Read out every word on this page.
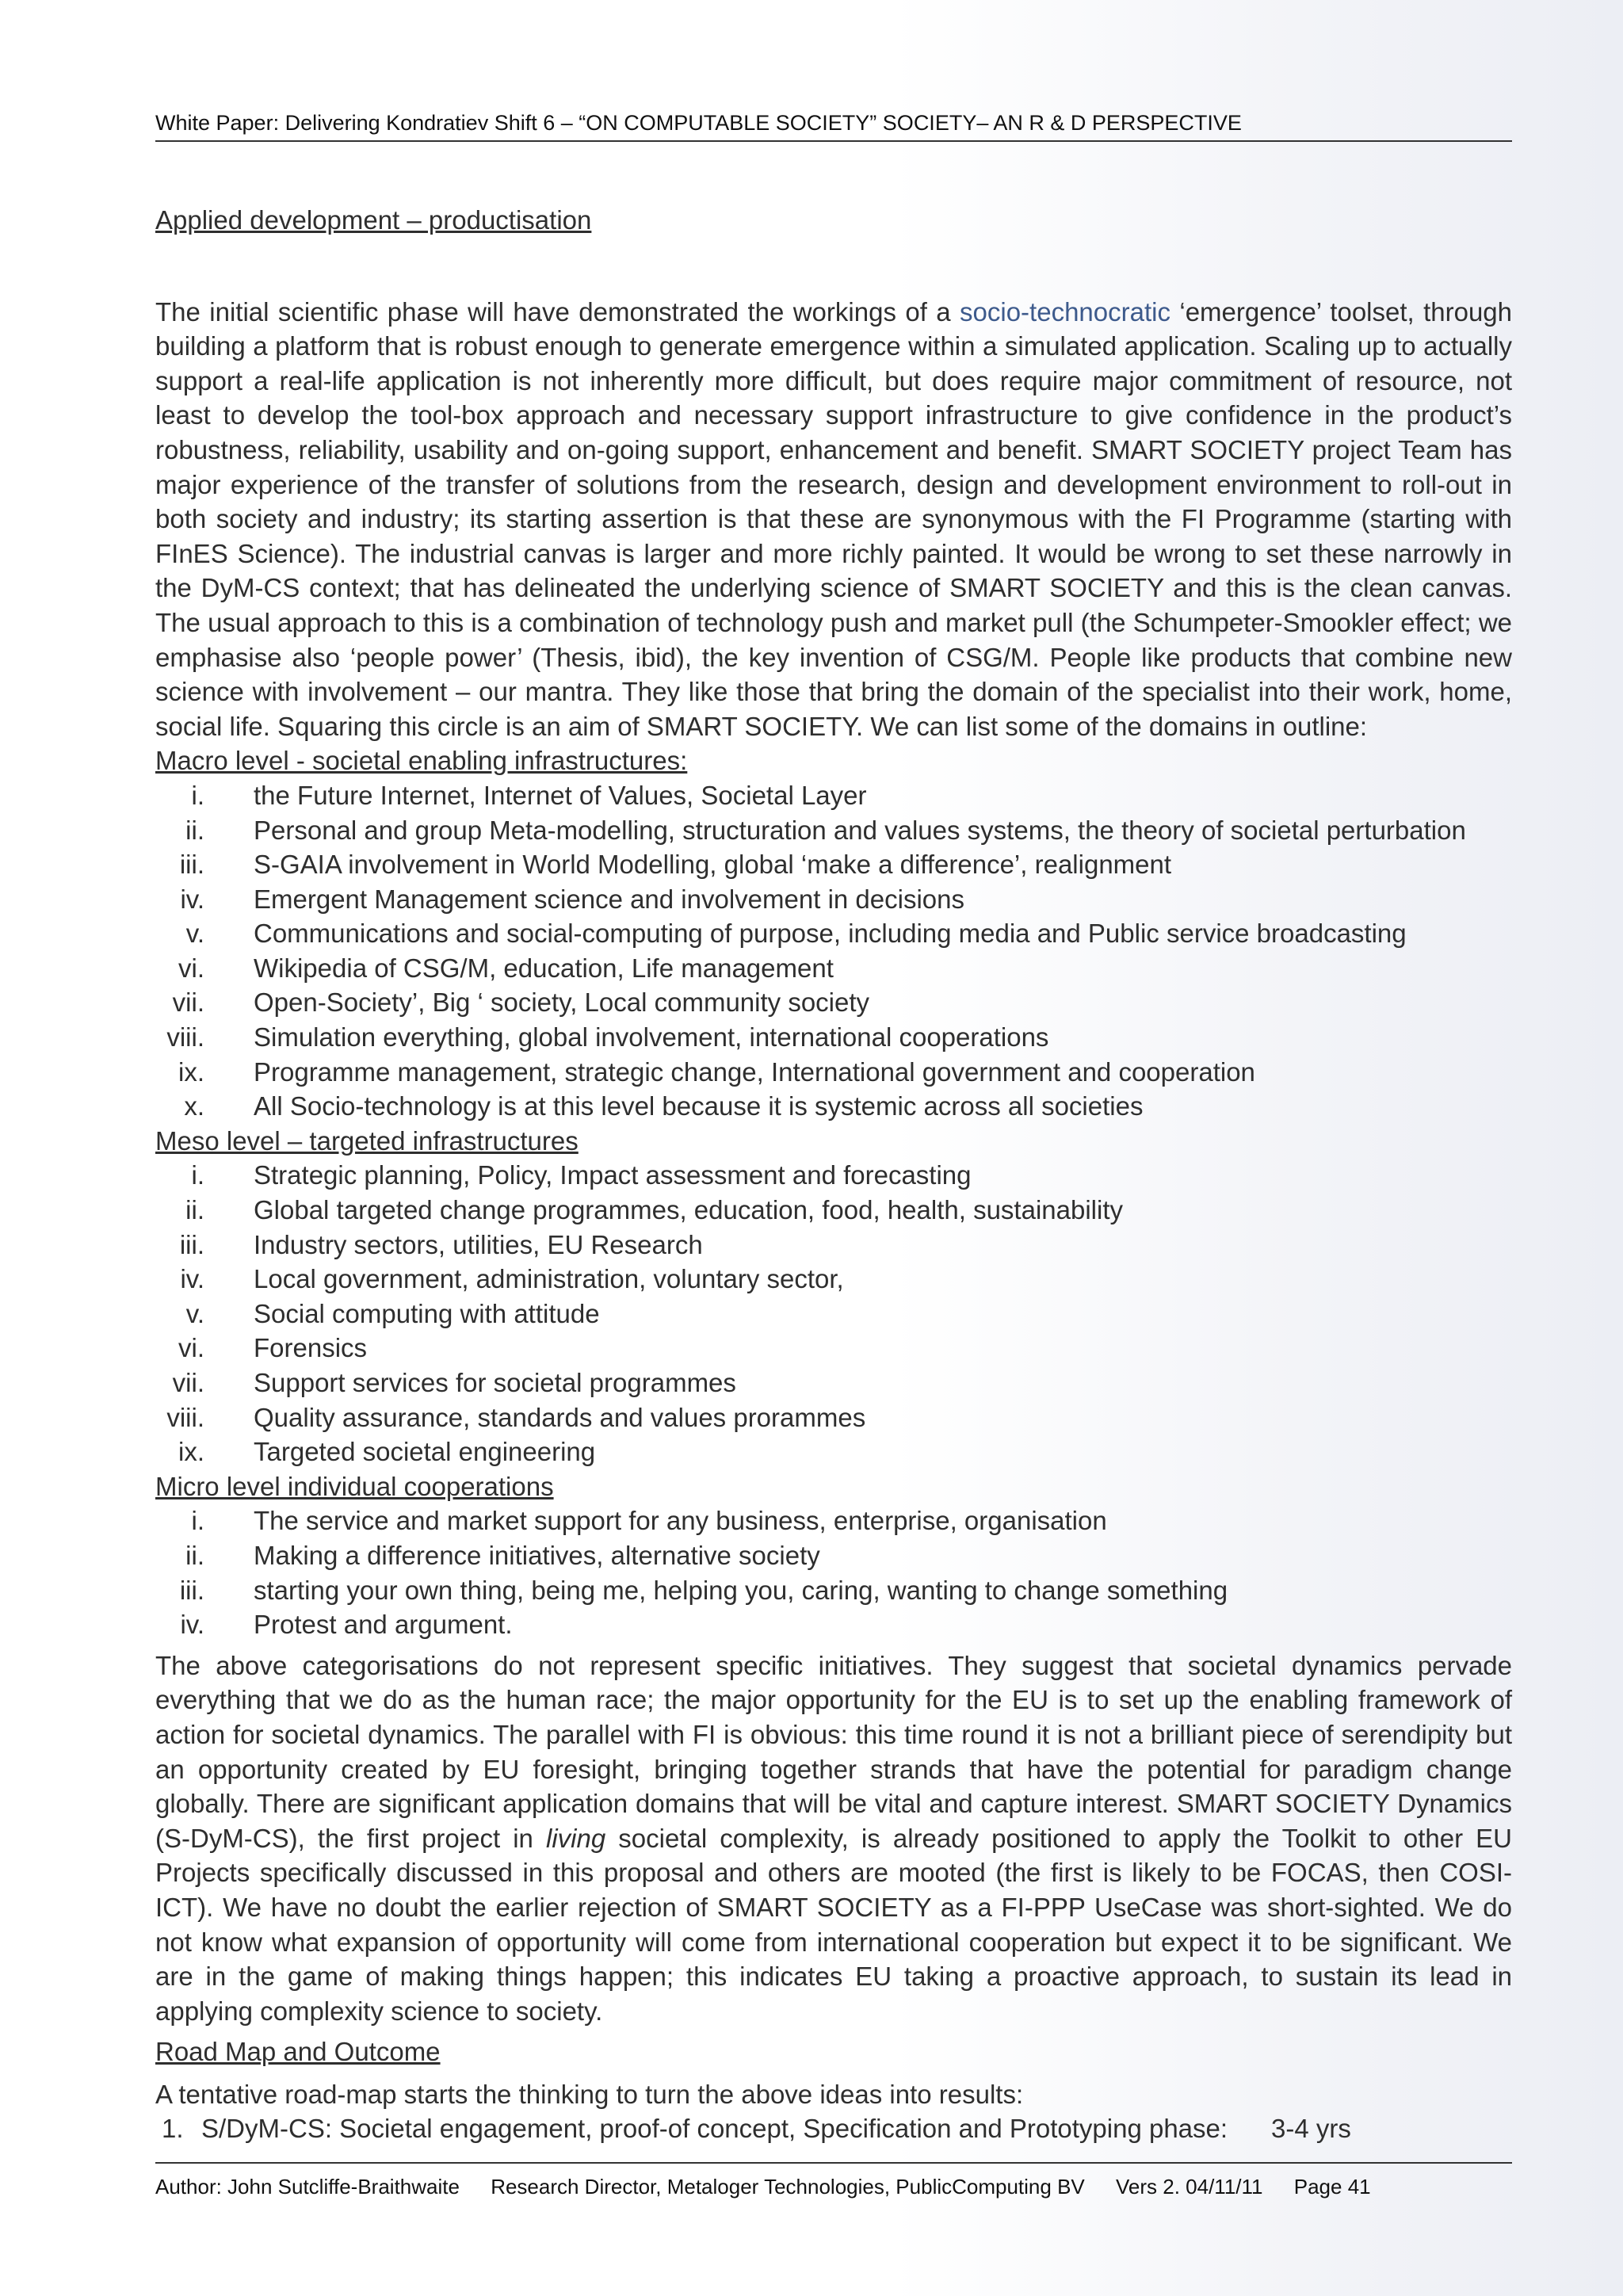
White Paper: Delivering Kondratiev Shift 6 – “ON COMPUTABLE SOCIETY” SOCIETY– AN R & D PERSPECTIVE

Applied development – productisation

The initial scientific phase will have demonstrated the workings of a socio-technocratic ‘emergence’ toolset, through building a platform that is robust enough to generate emergence within a simulated application. Scaling up to actually support a real-life application is not inherently more difficult, but does require major commitment of resource, not least to develop the tool-box approach and necessary support infrastructure to give confidence in the product’s robustness, reliability, usability and on-going support, enhancement and benefit. SMART SOCIETY project Team has major experience of the transfer of solutions from the research, design and development environment to roll-out in both society and industry; its starting assertion is that these are synonymous with the FI Programme (starting with FInES Science). The industrial canvas is larger and more richly painted. It would be wrong to set these narrowly in the DyM-CS context; that has delineated the underlying science of SMART SOCIETY and this is the clean canvas. The usual approach to this is a combination of technology push and market pull (the Schumpeter-Smookler effect; we emphasise also ‘people power’ (Thesis, ibid), the key invention of CSG/M. People like products that combine new science with involvement – our mantra. They like those that bring the domain of the specialist into their work, home, social life. Squaring this circle is an aim of SMART SOCIETY. We can list some of the domains in outline:

Macro level - societal enabling infrastructures:

i. the Future Internet, Internet of Values, Societal Layer
ii. Personal and group Meta-modelling, structuration and values systems, the theory of societal perturbation
iii. S-GAIA involvement in World Modelling, global ‘make a difference’, realignment
iv. Emergent Management science and involvement in decisions
v. Communications and social-computing of purpose, including media and Public service broadcasting
vi. Wikipedia of CSG/M, education, Life management
vii. Open-Society’, Big ‘ society, Local community society
viii. Simulation everything, global involvement, international cooperations
ix. Programme management, strategic change, International government and cooperation
x. All Socio-technology is at this level because it is systemic across all societies

Meso level – targeted infrastructures

i. Strategic planning, Policy, Impact assessment and forecasting
ii. Global targeted change programmes, education, food, health, sustainability
iii. Industry sectors, utilities, EU Research
iv. Local government, administration, voluntary sector,
v. Social computing with attitude
vi. Forensics
vii. Support services for societal programmes
viii. Quality assurance, standards and values prorammes
ix. Targeted societal engineering

Micro level individual cooperations

i. The service and market support for any business, enterprise, organisation
ii. Making a difference initiatives, alternative society
iii. starting your own thing, being me, helping you, caring, wanting to change something
iv. Protest and argument.

The above categorisations do not represent specific initiatives. They suggest that societal dynamics pervade everything that we do as the human race; the major opportunity for the EU is to set up the enabling framework of action for societal dynamics. The parallel with FI is obvious: this time round it is not a brilliant piece of serendipity but an opportunity created by EU foresight, bringing together strands that have the potential for paradigm change globally. There are significant application domains that will be vital and capture interest. SMART SOCIETY Dynamics (S-DyM-CS), the first project in living societal complexity, is already positioned to apply the Toolkit to other EU Projects specifically discussed in this proposal and others are mooted (the first is likely to be FOCAS, then COSI-ICT). We have no doubt the earlier rejection of SMART SOCIETY as a FI-PPP UseCase was short-sighted. We do not know what expansion of opportunity will come from international cooperation but expect it to be significant. We are in the game of making things happen; this indicates EU taking a proactive approach, to sustain its lead in applying complexity science to society.

Road Map and Outcome

A tentative road-map starts the thinking to turn the above ideas into results:

1. S/DyM-CS: Societal engagement, proof-of concept, Specification and Prototyping phase: 3-4 yrs
Author: John Sutcliffe-Braithwaite Research Director, Metaloger Technologies, PublicComputing BV Vers 2. 04/11/11 Page 41
